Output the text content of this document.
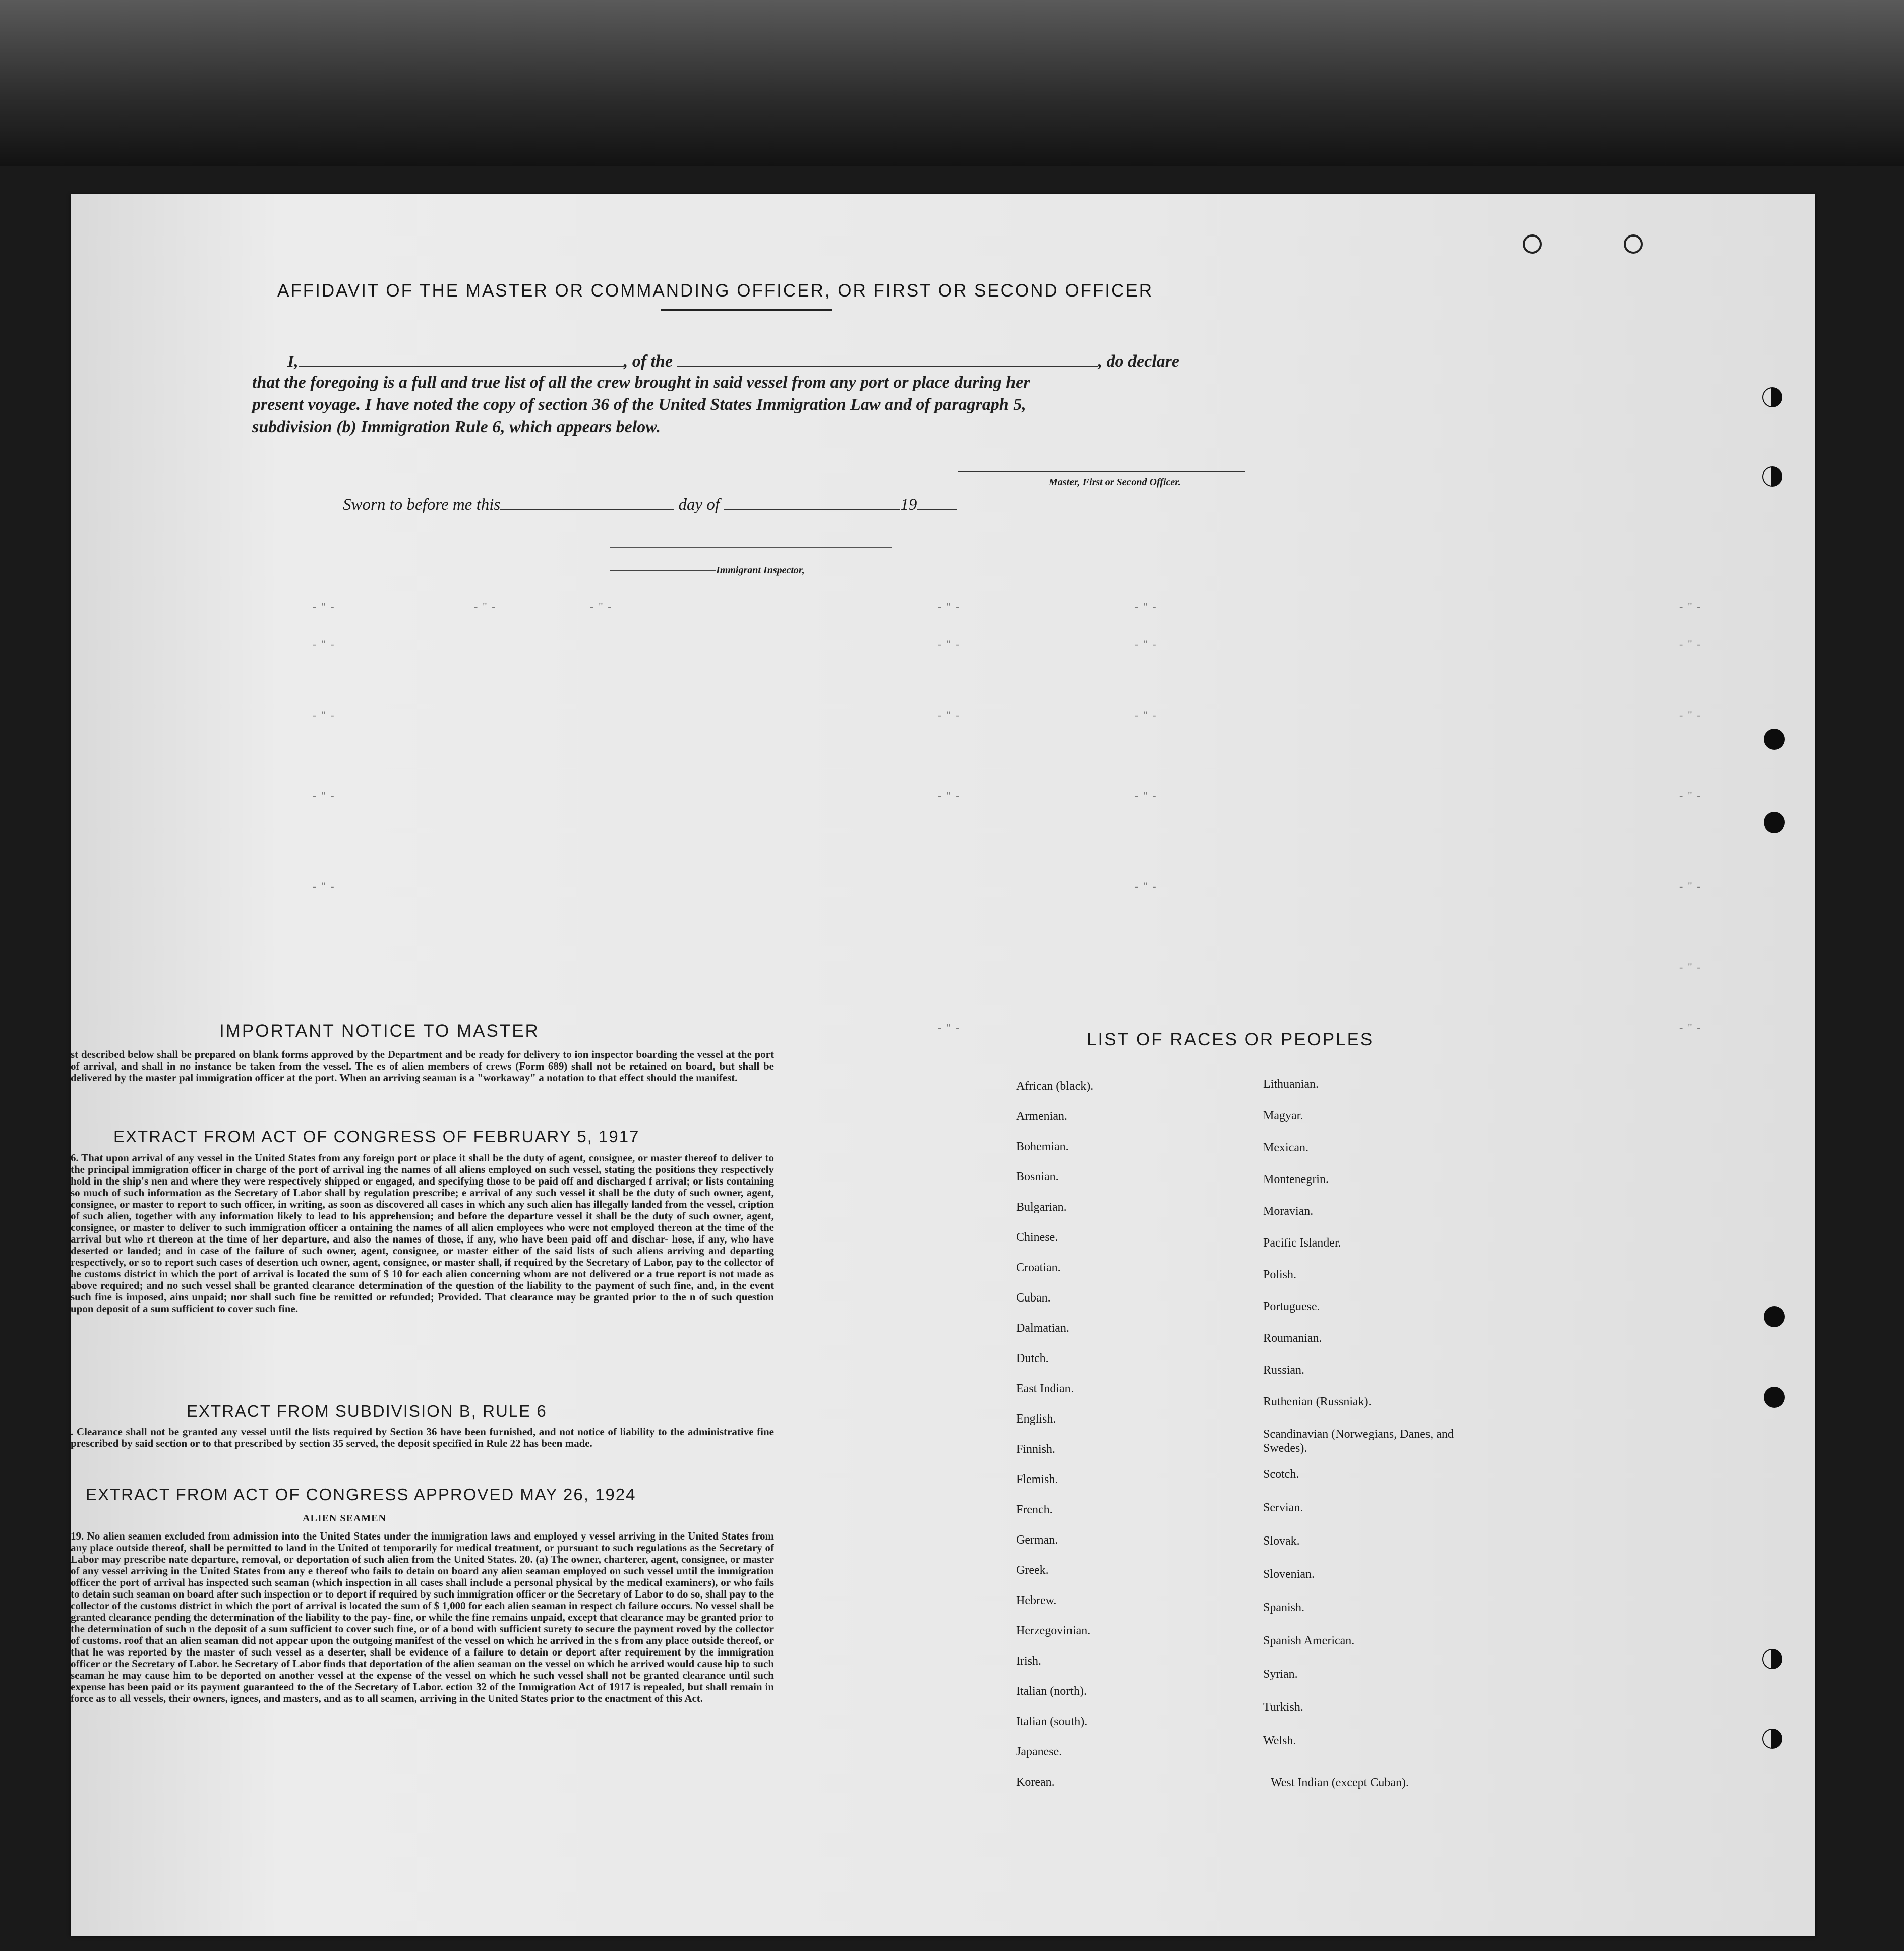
AFFIDAVIT OF THE MASTER OR COMMANDING OFFICER, OR FIRST OR SECOND OFFICER
I,	, of the	, do declare
that the foregoing is a full and true list of all the crew brought in said vessel from any port or place during her
present voyage. I have noted the copy of section 36 of the United States Immigration Law and of paragraph 5,
subdivision (b) Immigration Rule 6, which appears below.
Master, First or Second Officer.
Sworn to before me this	day of	19
Immigrant Inspector,
- " -	- " -	- " -	- " -	- " -	- " -
- " -	- " -	- " -	- " -
- " -	- " -	- " -	- " -
- " -	- " -	- " -	- " -
- " -	- " -	- " -
- " -
- " -	- " -
IMPORTANT NOTICE TO MASTER
st described below shall be prepared on blank forms approved by the Department and be ready for delivery to ion inspector boarding the vessel at the port of arrival, and shall in no instance be taken from the vessel. The es of alien members of crews (Form 689) shall not be retained on board, but shall be delivered by the master pal immigration officer at the port. When an arriving seaman is a "workaway" a notation to that effect should the manifest.
EXTRACT FROM ACT OF CONGRESS OF FEBRUARY 5, 1917
6. That upon arrival of any vessel in the United States from any foreign port or place it shall be the duty of agent, consignee, or master thereof to deliver to the principal immigration officer in charge of the port of arrival ing the names of all aliens employed on such vessel, stating the positions they respectively hold in the ship's nen and where they were respectively shipped or engaged, and specifying those to be paid off and discharged f arrival; or lists containing so much of such information as the Secretary of Labor shall by regulation prescribe; e arrival of any such vessel it shall be the duty of such owner, agent, consignee, or master to report to such officer, in writing, as soon as discovered all cases in which any such alien has illegally landed from the vessel, cription of such alien, together with any information likely to lead to his apprehension; and before the departure vessel it shall be the duty of such owner, agent, consignee, or master to deliver to such immigration officer a ontaining the names of all alien employees who were not employed thereon at the time of the arrival but who rt thereon at the time of her departure, and also the names of those, if any, who have been paid off and dischar- hose, if any, who have deserted or landed; and in case of the failure of such owner, agent, consignee, or master either of the said lists of such aliens arriving and departing respectively, or so to report such cases of desertion uch owner, agent, consignee, or master shall, if required by the Secretary of Labor, pay to the collector of he customs district in which the port of arrival is located the sum of $ 10 for each alien concerning whom are not delivered or a true report is not made as above required; and no such vessel shall be granted clearance determination of the question of the liability to the payment of such fine, and, in the event such fine is imposed, ains unpaid; nor shall such fine be remitted or refunded; Provided. That clearance may be granted prior to the n of such question upon deposit of a sum sufficient to cover such fine.
EXTRACT FROM SUBDIVISION B, RULE 6
. Clearance shall not be granted any vessel until the lists required by Section 36 have been furnished, and not notice of liability to the administrative fine prescribed by said section or to that prescribed by section 35 served, the deposit specified in Rule 22 has been made.
EXTRACT FROM ACT OF CONGRESS APPROVED MAY 26, 1924
ALIEN SEAMEN
19. No alien seamen excluded from admission into the United States under the immigration laws and employed y vessel arriving in the United States from any place outside thereof, shall be permitted to land in the United ot temporarily for medical treatment, or pursuant to such regulations as the Secretary of Labor may prescribe nate departure, removal, or deportation of such alien from the United States. 20. (a) The owner, charterer, agent, consignee, or master of any vessel arriving in the United States from any e thereof who fails to detain on board any alien seaman employed on such vessel until the immigration officer the port of arrival has inspected such seaman (which inspection in all cases shall include a personal physical by the medical examiners), or who fails to detain such seaman on board after such inspection or to deport if required by such immigration officer or the Secretary of Labor to do so, shall pay to the collector of the customs district in which the port of arrival is located the sum of $ 1,000 for each alien seaman in respect ch failure occurs. No vessel shall be granted clearance pending the determination of the liability to the pay- fine, or while the fine remains unpaid, except that clearance may be granted prior to the determination of such n the deposit of a sum sufficient to cover such fine, or of a bond with sufficient surety to secure the payment roved by the collector of customs. roof that an alien seaman did not appear upon the outgoing manifest of the vessel on which he arrived in the s from any place outside thereof, or that he was reported by the master of such vessel as a deserter, shall be evidence of a failure to detain or deport after requirement by the immigration officer or the Secretary of Labor. he Secretary of Labor finds that deportation of the alien seaman on the vessel on which he arrived would cause hip to such seaman he may cause him to be deported on another vessel at the expense of the vessel on which he such vessel shall not be granted clearance until such expense has been paid or its payment guaranteed to the of the Secretary of Labor. ection 32 of the Immigration Act of 1917 is repealed, but shall remain in force as to all vessels, their owners, ignees, and masters, and as to all seamen, arriving in the United States prior to the enactment of this Act.
LIST OF RACES OR PEOPLES
African (black).
Armenian.
Bohemian.
Bosnian.
Bulgarian.
Chinese.
Croatian.
Cuban.
Dalmatian.
Dutch.
East Indian.
English.
Finnish.
Flemish.
French.
German.
Greek.
Hebrew.
Herzegovinian.
Irish.
Italian (north).
Italian (south).
Japanese.
Korean.
Lithuanian.
Magyar.
Mexican.
Montenegrin.
Moravian.
Pacific Islander.
Polish.
Portuguese.
Roumanian.
Russian.
Ruthenian (Russniak).
Scandinavian (Norwegians, Danes, and Swedes).
Scotch.
Servian.
Slovak.
Slovenian.
Spanish.
Spanish American.
Syrian.
Turkish.
Welsh.
West Indian (except Cuban).
